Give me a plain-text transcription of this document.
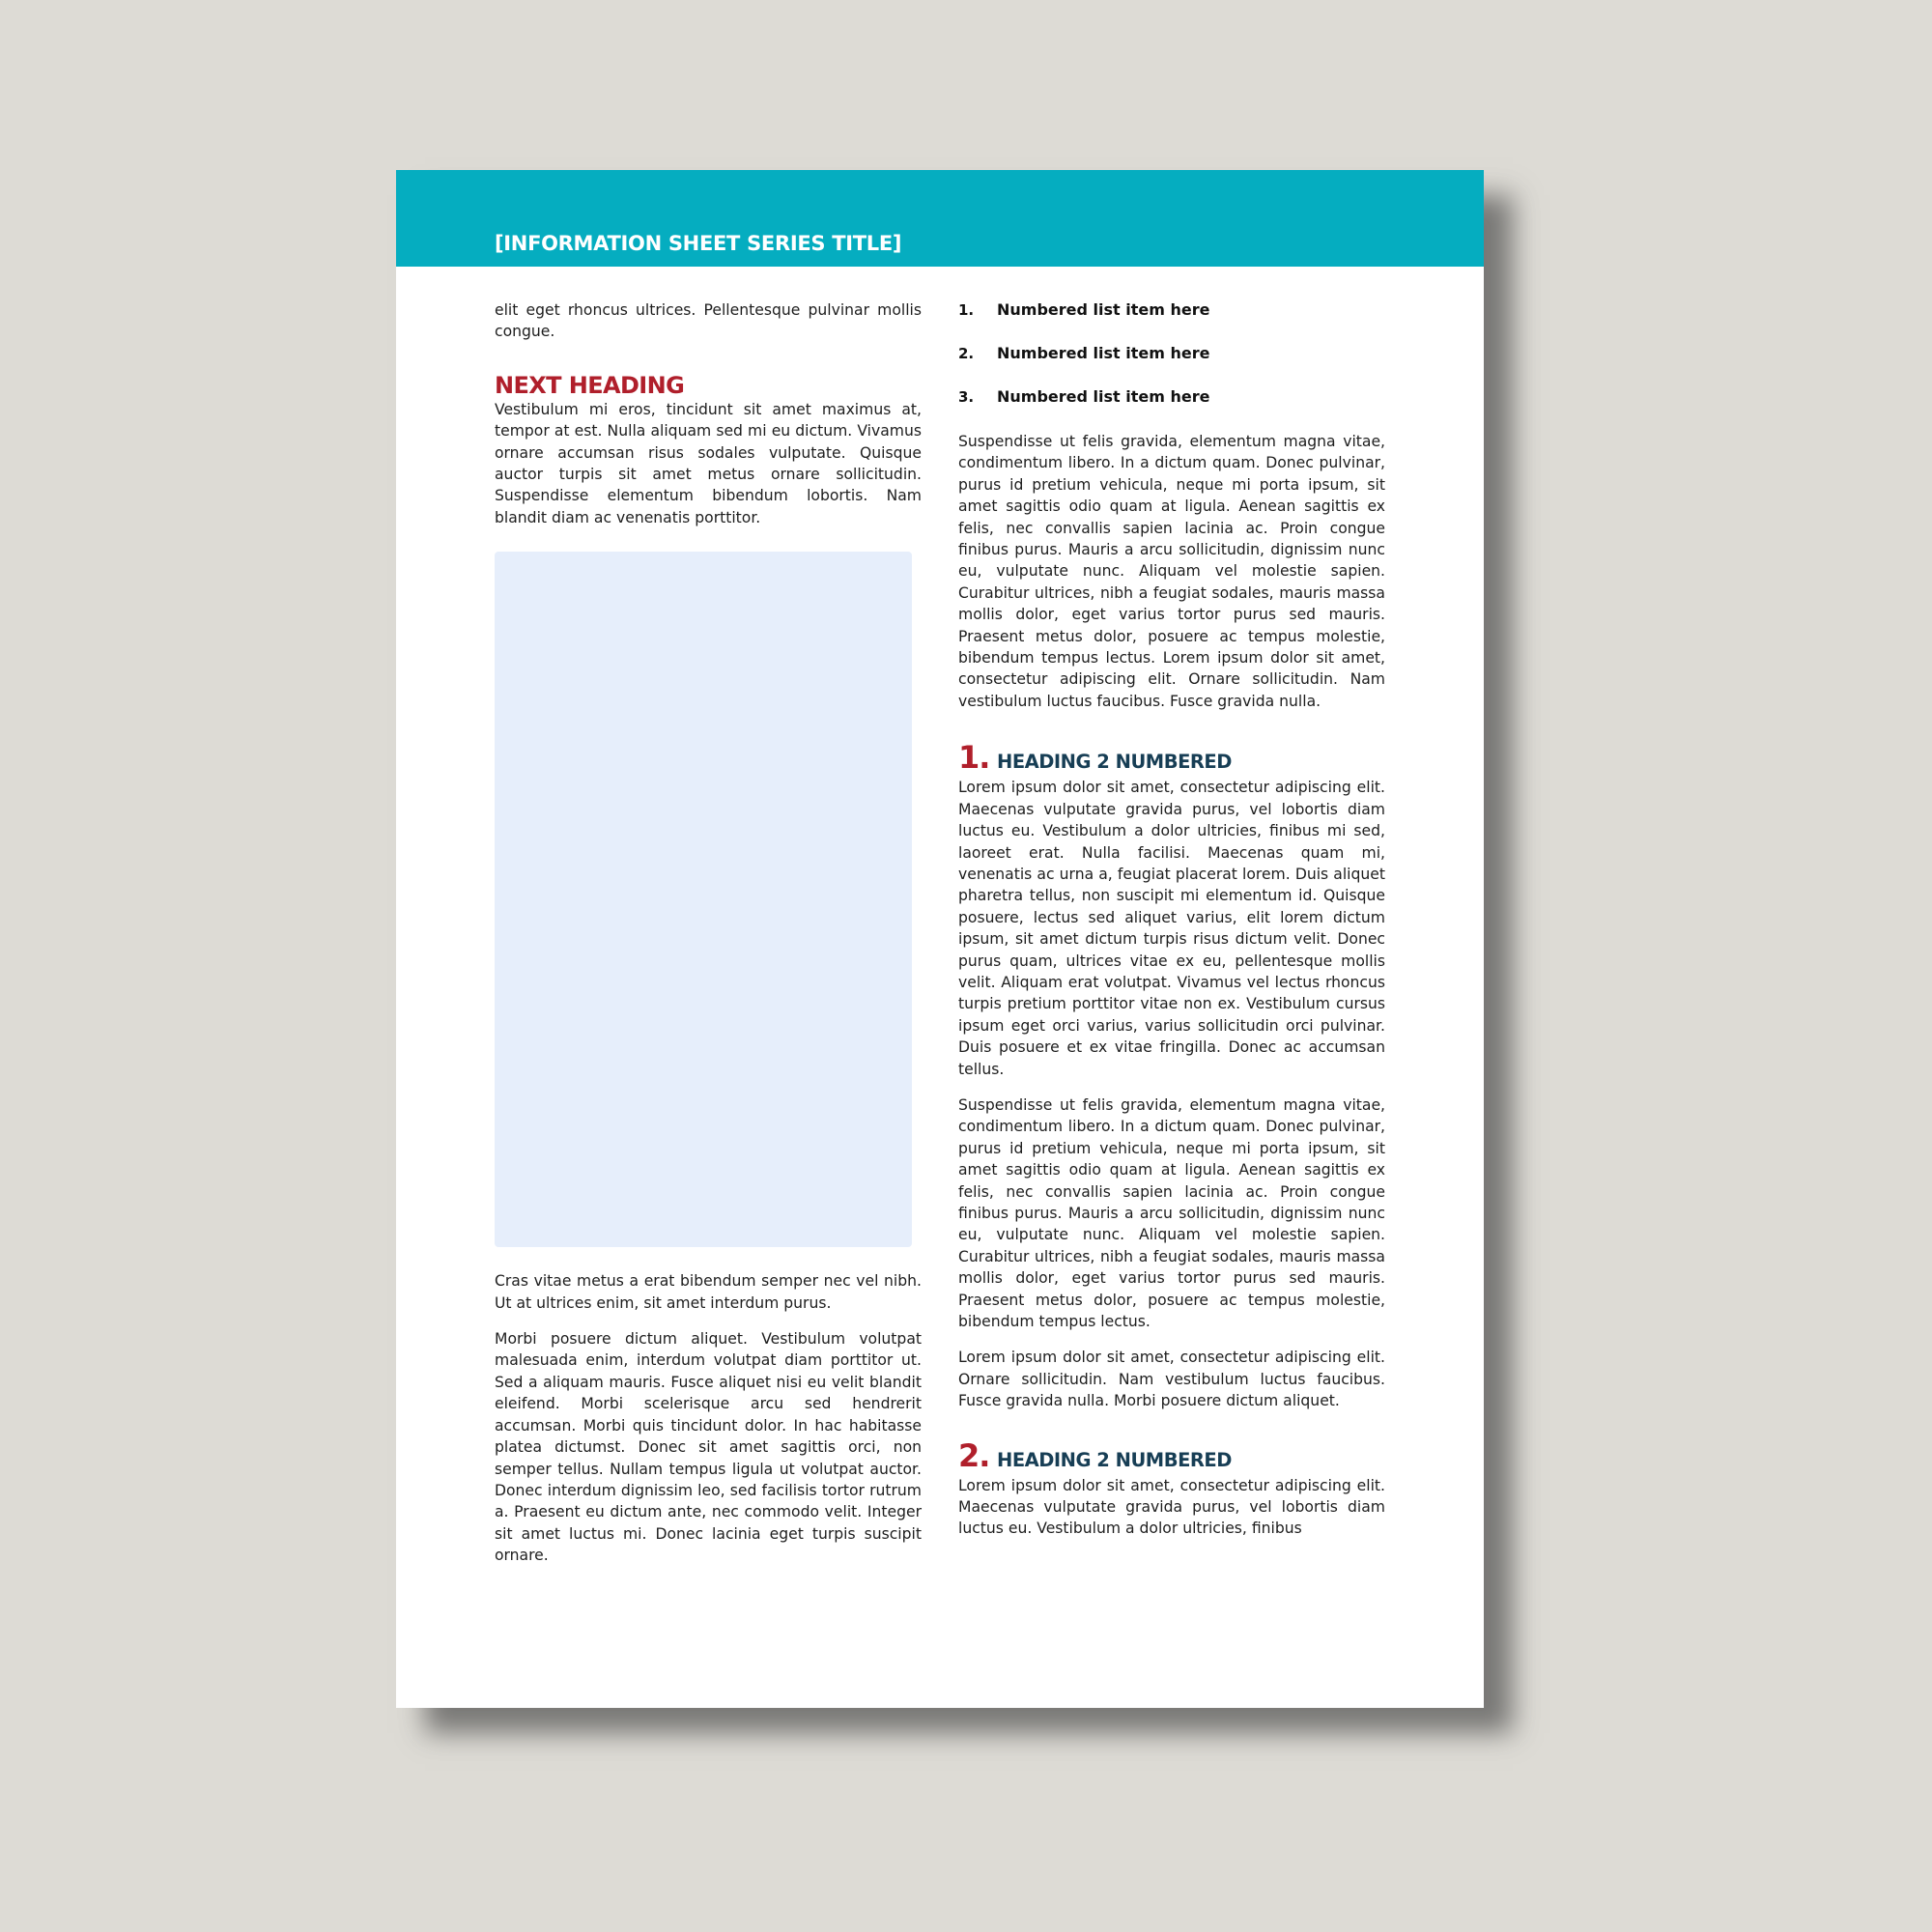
[INFORMATION SHEET SERIES TITLE]

elit eget rhoncus ultrices. Pellentesque pulvinar mollis congue.

NEXT HEADING

Vestibulum mi eros, tincidunt sit amet maximus at, tempor at est. Nulla aliquam sed mi eu dictum. Vivamus ornare accumsan risus sodales vulputate. Quisque auctor turpis sit amet metus ornare sollicitudin. Suspendisse elementum bibendum lobortis. Nam blandit diam ac venenatis porttitor.

Cras vitae metus a erat bibendum semper nec vel nibh. Ut at ultrices enim, sit amet interdum purus.

Morbi posuere dictum aliquet. Vestibulum volutpat malesuada enim, interdum volutpat diam porttitor ut. Sed a aliquam mauris. Fusce aliquet nisi eu velit blandit eleifend. Morbi scelerisque arcu sed hendrerit accumsan. Morbi quis tincidunt dolor. In hac habitasse platea dictumst. Donec sit amet sagittis orci, non semper tellus. Nullam tempus ligula ut volutpat auctor. Donec interdum dignissim leo, sed facilisis tortor rutrum a. Praesent eu dictum ante, nec commodo velit. Integer sit amet luctus mi. Donec lacinia eget turpis suscipit ornare.

1.	Numbered list item here
2.	Numbered list item here
3.	Numbered list item here

Suspendisse ut felis gravida, elementum magna vitae, condimentum libero. In a dictum quam. Donec pulvinar, purus id pretium vehicula, neque mi porta ipsum, sit amet sagittis odio quam at ligula. Aenean sagittis ex felis, nec convallis sapien lacinia ac. Proin congue finibus purus. Mauris a arcu sollicitudin, dignissim nunc eu, vulputate nunc. Aliquam vel molestie sapien. Curabitur ultrices, nibh a feugiat sodales, mauris massa mollis dolor, eget varius tortor purus sed mauris. Praesent metus dolor, posuere ac tempus molestie, bibendum tempus lectus. Lorem ipsum dolor sit amet, consectetur adipiscing elit. Ornare sollicitudin. Nam vestibulum luctus faucibus. Fusce gravida nulla.

1. HEADING 2 NUMBERED

Lorem ipsum dolor sit amet, consectetur adipiscing elit. Maecenas vulputate gravida purus, vel lobortis diam luctus eu. Vestibulum a dolor ultricies, finibus mi sed, laoreet erat. Nulla facilisi. Maecenas quam mi, venenatis ac urna a, feugiat placerat lorem. Duis aliquet pharetra tellus, non suscipit mi elementum id. Quisque posuere, lectus sed aliquet varius, elit lorem dictum ipsum, sit amet dictum turpis risus dictum velit. Donec purus quam, ultrices vitae ex eu, pellentesque mollis velit. Aliquam erat volutpat. Vivamus vel lectus rhoncus turpis pretium porttitor vitae non ex. Vestibulum cursus ipsum eget orci varius, varius sollicitudin orci pulvinar. Duis posuere et ex vitae fringilla. Donec ac accumsan tellus.

Suspendisse ut felis gravida, elementum magna vitae, condimentum libero. In a dictum quam. Donec pulvinar, purus id pretium vehicula, neque mi porta ipsum, sit amet sagittis odio quam at ligula. Aenean sagittis ex felis, nec convallis sapien lacinia ac. Proin congue finibus purus. Mauris a arcu sollicitudin, dignissim nunc eu, vulputate nunc. Aliquam vel molestie sapien. Curabitur ultrices, nibh a feugiat sodales, mauris massa mollis dolor, eget varius tortor purus sed mauris. Praesent metus dolor, posuere ac tempus molestie, bibendum tempus lectus.

Lorem ipsum dolor sit amet, consectetur adipiscing elit. Ornare sollicitudin. Nam vestibulum luctus faucibus. Fusce gravida nulla. Morbi posuere dictum aliquet.

2. HEADING 2 NUMBERED

Lorem ipsum dolor sit amet, consectetur adipiscing elit. Maecenas vulputate gravida purus, vel lobortis diam luctus eu. Vestibulum a dolor ultricies, finibus
